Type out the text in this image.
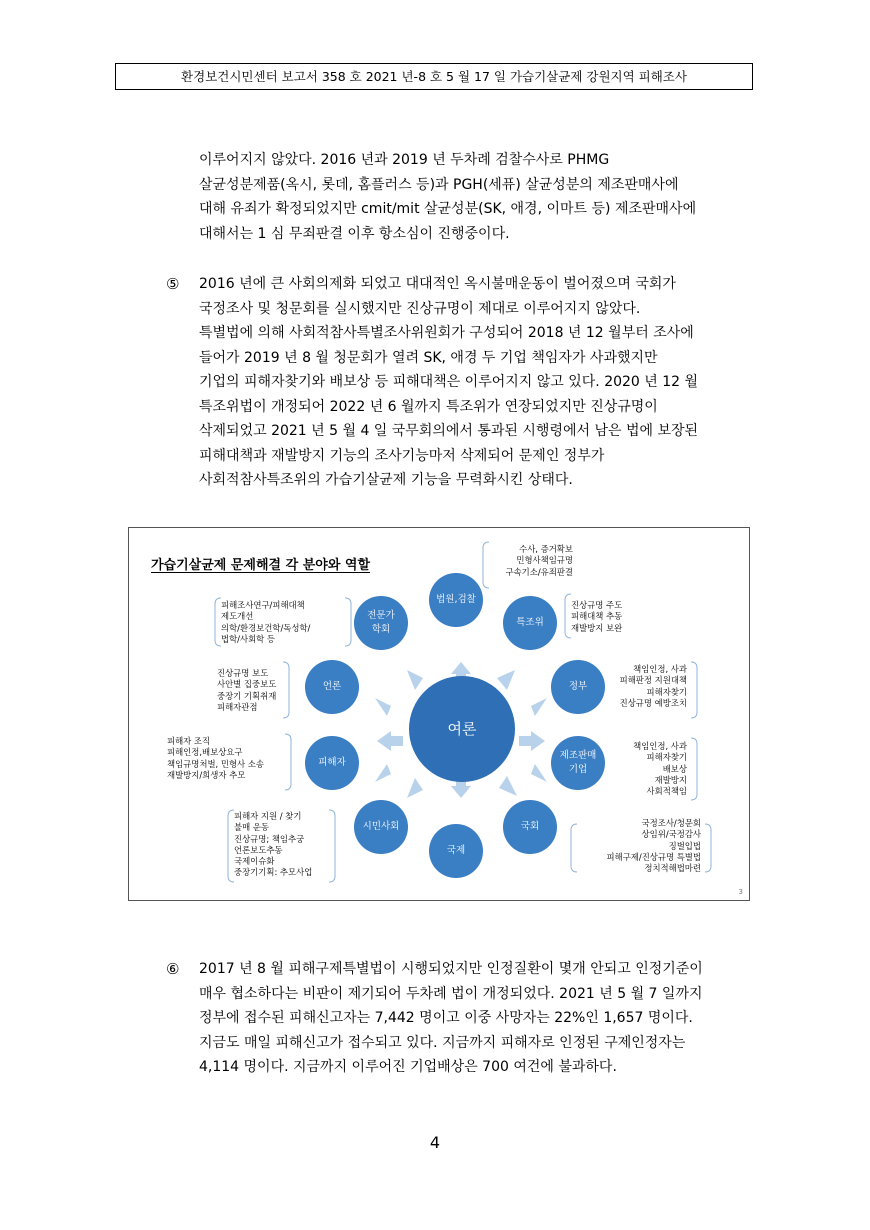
환경보건시민센터 보고서 358 호 2021 년-8 호 5 월 17 일 가습기살균제 강원지역 피해조사
이루어지지 않았다. 2016 년과 2019 년 두차례 검찰수사로 PHMG
살균성분제품(옥시, 롯데, 홈플러스 등)과 PGH(세퓨) 살균성분의 제조판매사에
대해 유죄가 확정되었지만 cmit/mit 살균성분(SK, 애경, 이마트 등) 제조판매사에
대해서는 1 심 무죄판결 이후 항소심이 진행중이다.
⑤ 2016 년에 큰 사회의제화 되었고 대대적인 옥시불매운동이 벌어졌으며 국회가
국정조사 및 청문회를 실시했지만 진상규명이 제대로 이루어지지 않았다.
특별법에 의해 사회적참사특별조사위원회가 구성되어 2018 년 12 월부터 조사에
들어가 2019 년 8 월 청문회가 열려 SK, 애경 두 기업 책임자가 사과했지만
기업의 피해자찾기와 배보상 등 피해대책은 이루어지지 않고 있다. 2020 년 12 월
특조위법이 개정되어 2022 년 6 월까지 특조위가 연장되었지만 진상규명이
삭제되었고 2021 년 5 월 4 일 국무회의에서 통과된 시행령에서 남은 법에 보장된
피해대책과 재발방지 기능의 조사기능마저 삭제되어 문제인 정부가
사회적참사특조위의 가습기살균제 기능을 무력화시킨 상태다.
가습기살균제 문제해결 각 분야와 역할
여론
법원,검찰
특조위
정부
제조판매
기업
국회
국제
시민사회
피해자
언론
전문가
학회
수사, 증거확보
민형사책임규명
구속기소/유죄판결
진상규명 주도
피해대책 추동
재발방지 보완
책임인정, 사과
피해판정 지원대책
피해자찾기
진상규명 예방조치
책임인정, 사과
피해자찾기
배보상
재발방지
사회적책임
국정조사/청문회
상임위/국정감사
징벌입법
피해구제/진상규명 특별법
정치적해법마련
피해자 지원 / 찾기
불매 운동
진상규명; 책임추궁
언론보도추동
국제이슈화
중장기기획: 추모사업
피해자 조직
피해인정,배보상요구
책임규명처벌, 민형사 소송
재발방지/희생자 추모
진상규명 보도
사안별 집중보도
중장기 기획취재
피해자관점
피해조사연구/피해대책
제도개선
의학/환경보건학/독성학/
법학/사회학 등
3
⑥ 2017 년 8 월 피해구제특별법이 시행되었지만 인정질환이 몇개 안되고 인정기준이
매우 협소하다는 비판이 제기되어 두차례 법이 개정되었다. 2021 년 5 월 7 일까지
정부에 접수된 피해신고자는 7,442 명이고 이중 사망자는 22%인 1,657 명이다.
지금도 매일 피해신고가 접수되고 있다. 지금까지 피해자로 인정된 구제인정자는
4,114 명이다. 지금까지 이루어진 기업배상은 700 여건에 불과하다.
4
